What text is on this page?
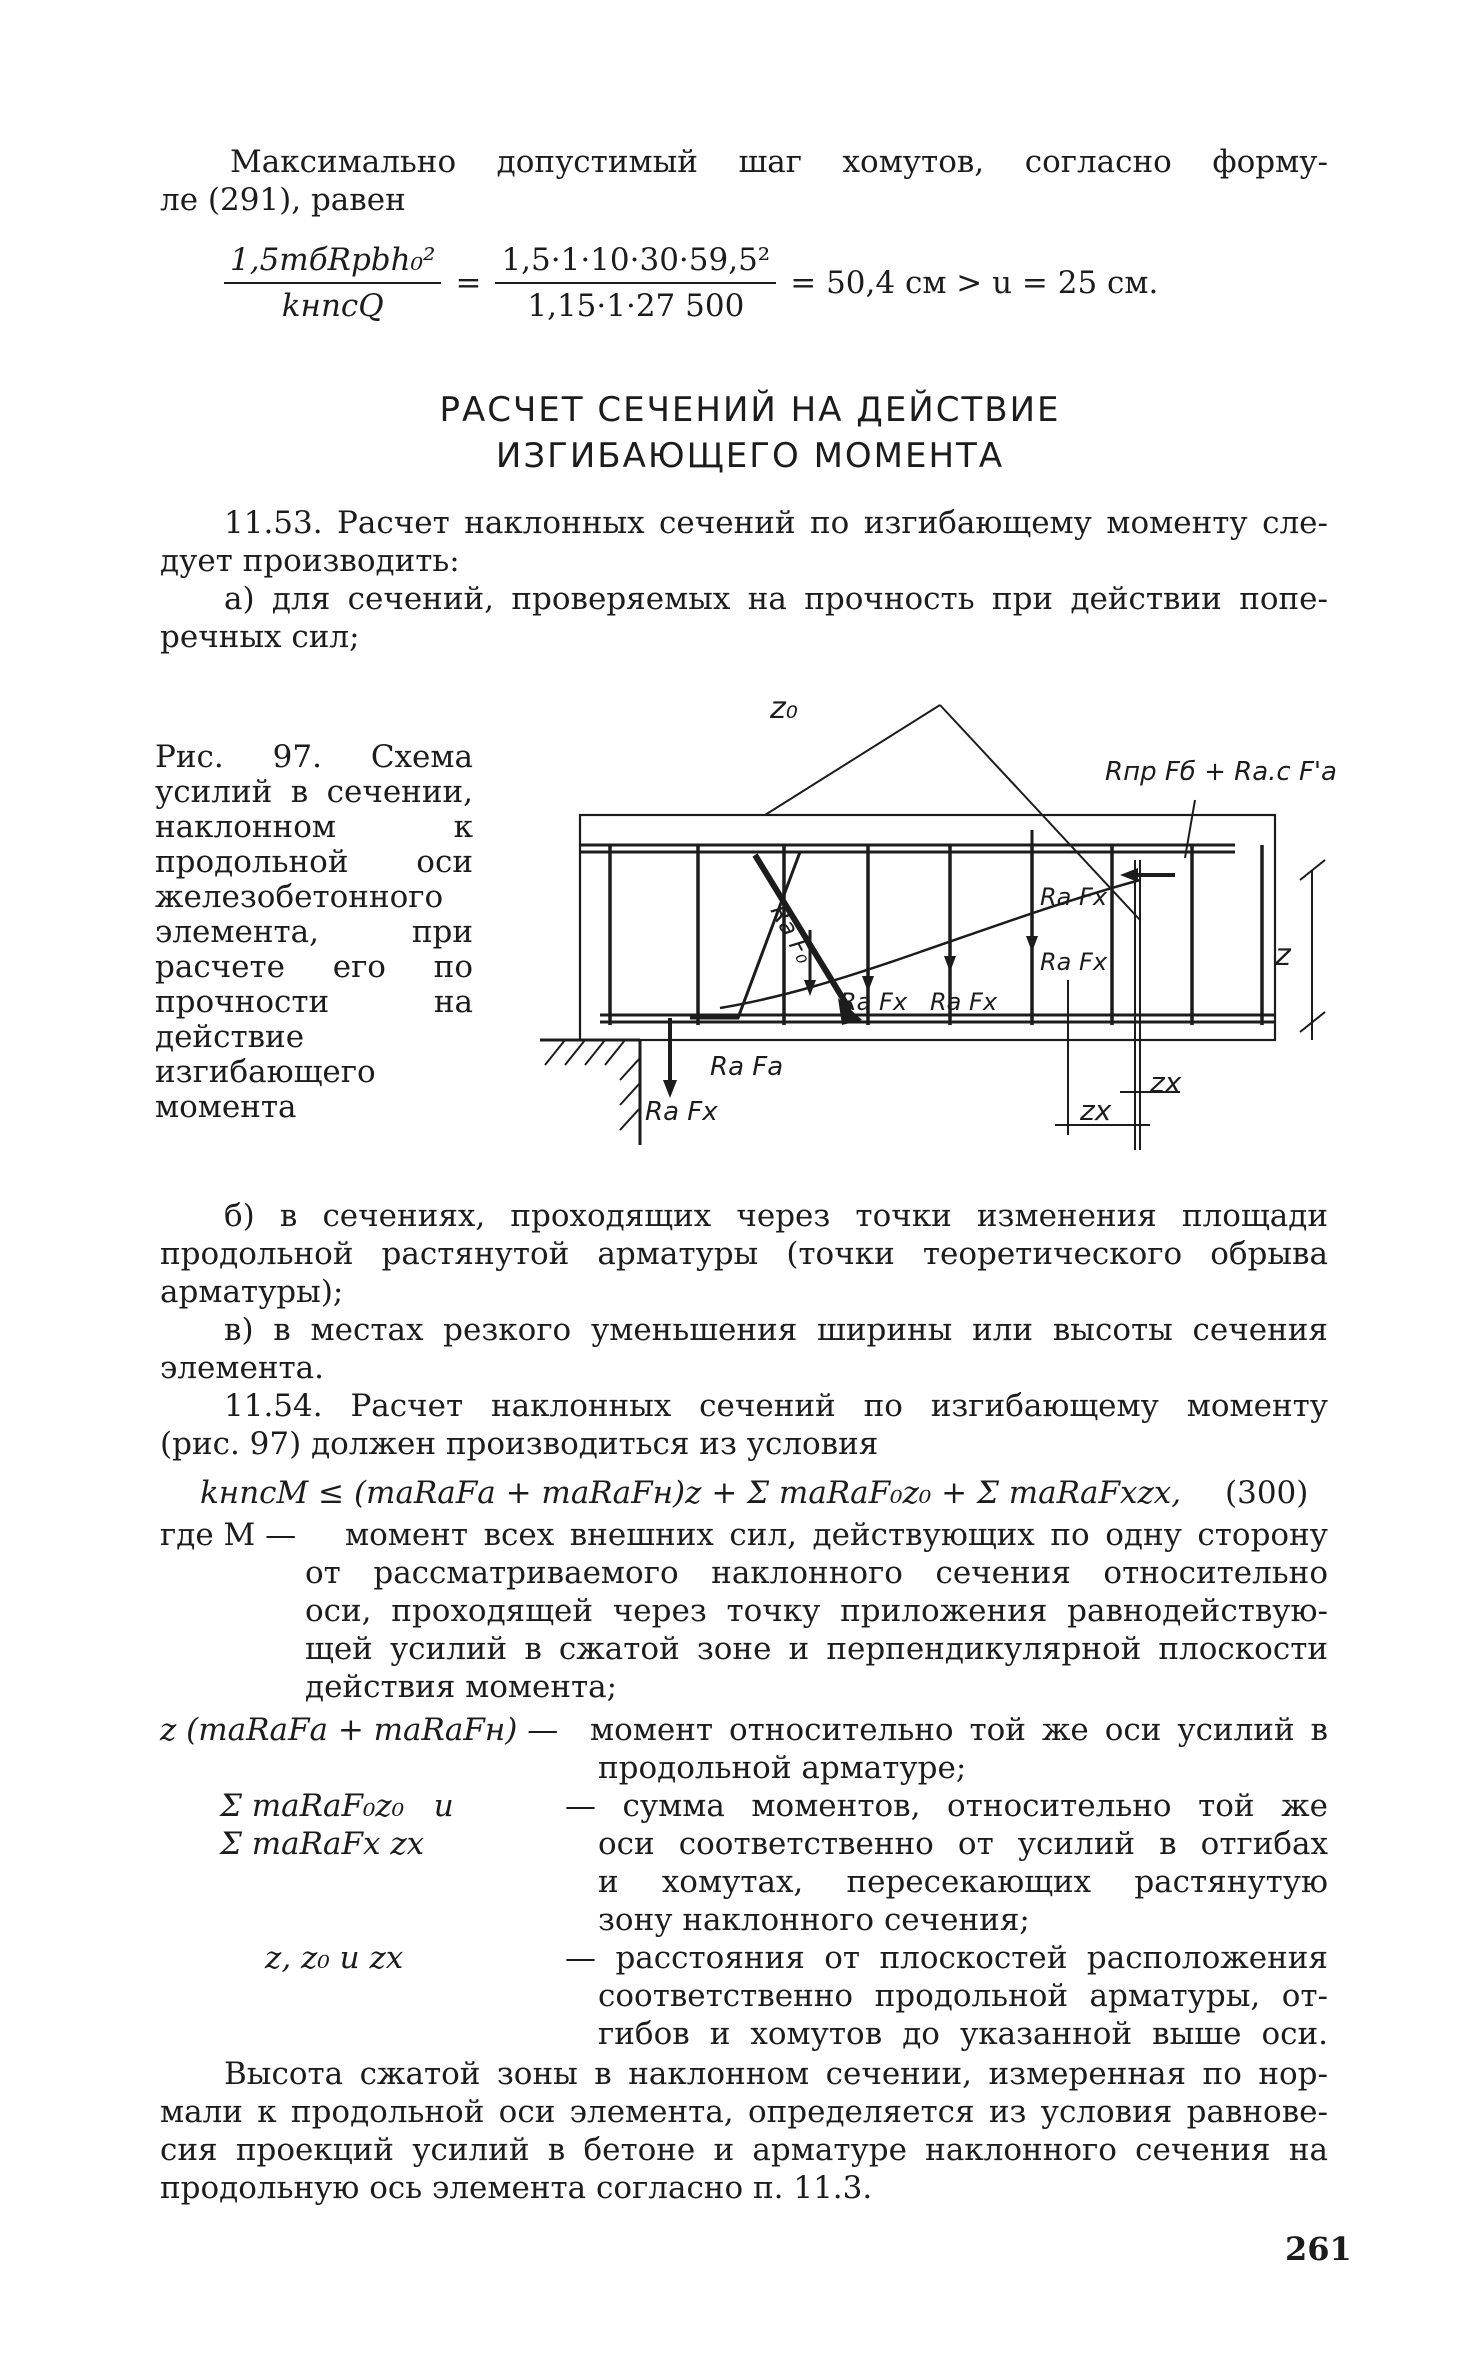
Максимально допустимый шаг хомутов, согласно форму-
ле (291), равен
$\frac{\text{1,5mбRрbh₀²}}{\text{kнncQ}} = \frac{\text{1,5·1·10·30·59,5²}}{1,15\cdot 1\cdot 27 500} = 50,4$ см > u = 25 см.
РАСЧЕТ СЕЧЕНИЙ НА ДЕЙСТВИЕ
ИЗГИБАЮЩЕГО МОМЕНТА
11.53. Расчет наклонных сечений по изгибающему моменту сле-
дует производить:
а) для сечений, проверяемых на прочность при действии попе-
речных сил;
Рис. 97. Схема усилий в сечении, наклонном к продольной оси железобетонного элемента, при расчете его по прочности на действие изгибающего момента
z₀
Rпр Fб + Rа.с F'а
Rа F₀
Rа Fx
Rа Fx
Rа Fx Rа Fx
Rа Fа
Rа Fx
z
zx
zx
б) в сечениях, проходящих через точки изменения площади
продольной растянутой арматуры (точки теоретического обрыва
арматуры);
в) в местах резкого уменьшения ширины или высоты сечения
элемента.
11.54. Расчет наклонных сечений по изгибающему моменту
(рис. 97) должен производиться из условия
kнncM ≤ (mаRаFа + mаRаFн)z + Σ mаRаF₀z₀ + Σ mаRаFxzx, (300)
где M — момент всех внешних сил, действующих по одну сторону
от рассматриваемого наклонного сечения относительно
оси, проходящей через точку приложения равнодействую-
щей усилий в сжатой зоне и перпендикулярной плоскости
действия момента;
z (mаRаFа + mаRаFн) — момент относительно той же оси усилий в
продольной арматуре;
Σ mаRаF₀z₀   и
Σ mаRаFx zx
— сумма моментов, относительно той же
оси соответственно от усилий в отгибах
и хомутах, пересекающих растянутую
зону наклонного сечения;
z, z₀ и zx	— расстояния от плоскостей расположения
соответственно продольной арматуры, от-
гибов и хомутов до указанной выше оси.
Высота сжатой зоны в наклонном сечении, измеренная по нор-
мали к продольной оси элемента, определяется из условия равнове-
сия проекций усилий в бетоне и арматуре наклонного сечения на
продольную ось элемента согласно п. 11.3.
261
